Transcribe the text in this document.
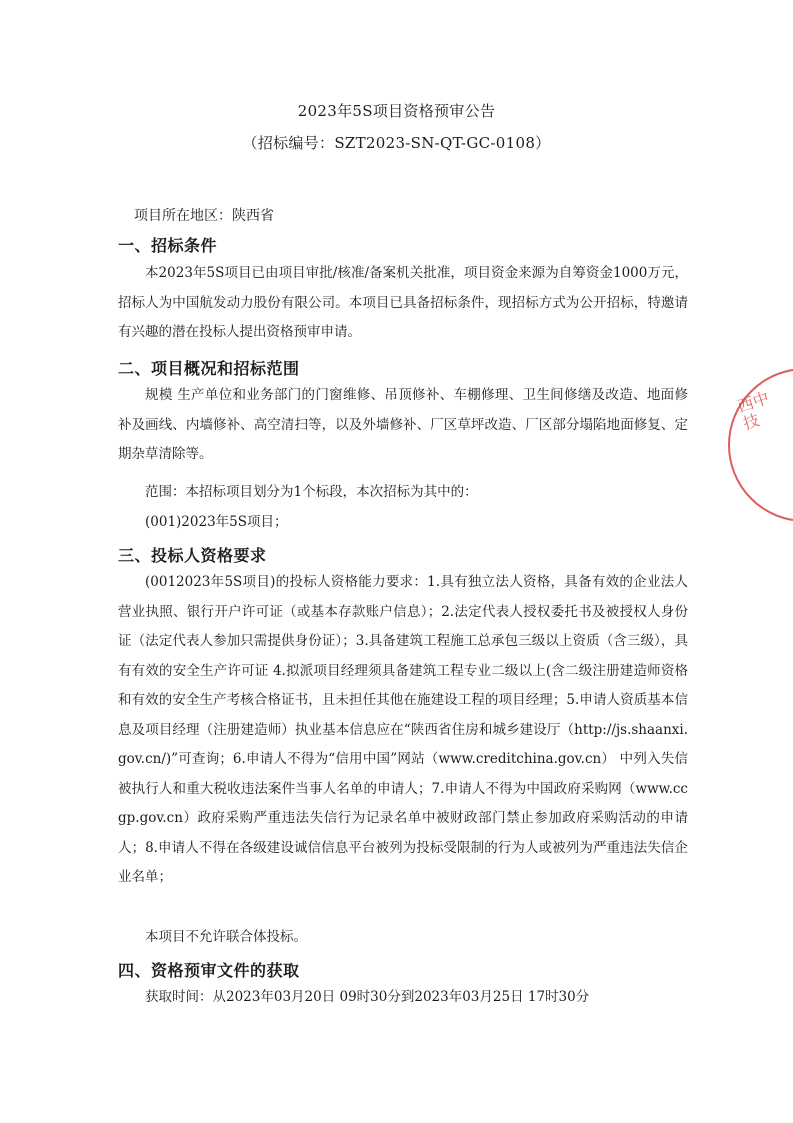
2023年5S项目资格预审公告
（招标编号：SZT2023-SN-QT-GC-0108）
项目所在地区：陕西省
一、招标条件

本2023年5S项目已由项目审批/核准/备案机关批准，项目资金来源为自筹资金1000万元，招标人为中国航发动力股份有限公司。本项目已具备招标条件，现招标方式为公开招标，特邀请有兴趣的潜在投标人提出资格预审申请。

二、项目概况和招标范围

规模 生产单位和业务部门的门窗维修、吊顶修补、车棚修理、卫生间修缮及改造、地面修补及画线、内墙修补、高空清扫等，以及外墙修补、厂区草坪改造、厂区部分塌陷地面修复、定期杂草清除等。

范围：本招标项目划分为1个标段，本次招标为其中的：

(001)2023年5S项目；

三、投标人资格要求

(0012023年5S项目)的投标人资格能力要求：1.具有独立法人资格，具备有效的企业法人营业执照、银行开户许可证（或基本存款账户信息）；2.法定代表人授权委托书及被授权人身份证（法定代表人参加只需提供身份证）；3.具备建筑工程施工总承包三级以上资质（含三级），具有有效的安全生产许可证 4.拟派项目经理须具备建筑工程专业二级以上(含二级注册建造师资格和有效的安全生产考核合格证书，且未担任其他在施建设工程的项目经理；5.申请人资质基本信息及项目经理（注册建造师）执业基本信息应在“陕西省住房和城乡建设厅（http://js.shaanxi.gov.cn/)”可查询；6.申请人不得为“信用中国”网站（www.creditchina.gov.cn） 中列入失信被执行人和重大税收违法案件当事人名单的申请人；7.申请人不得为中国政府采购网（www.ccgp.gov.cn）政府采购严重违法失信行为记录名单中被财政部门禁止参加政府采购活动的申请人；8.申请人不得在各级建设诚信信息平台被列为投标受限制的行为人或被列为严重违法失信企业名单；

本项目不允许联合体投标。

四、资格预审文件的获取

获取时间：从2023年03月20日 09时30分到2023年03月25日 17时30分

西中技
